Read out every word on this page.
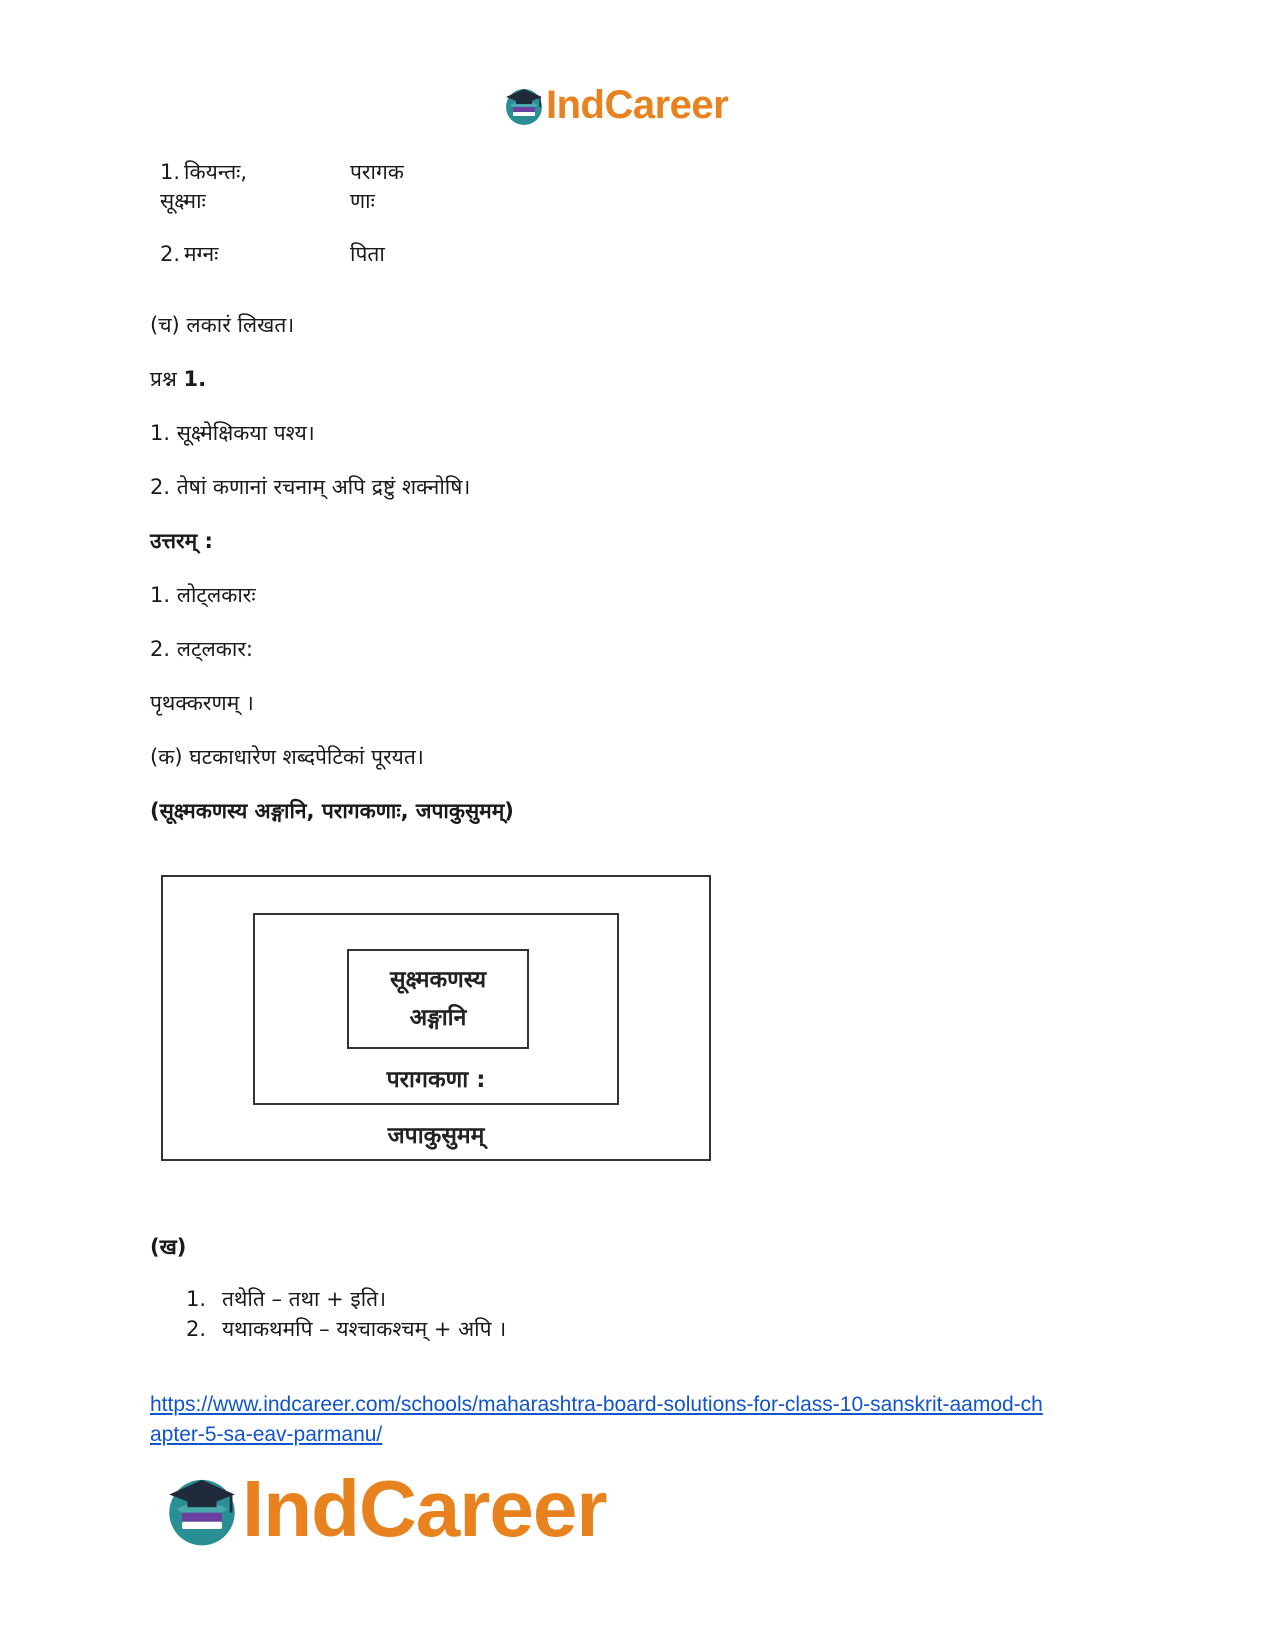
IndCareer
1. कियन्तः,
सूक्ष्माः
परागक
णाः
2. मग्नः	पिता
(च) लकारं लिखत।
प्रश्न 1.
1. सूक्ष्मेक्षिकया पश्य।
2. तेषां कणानां रचनाम् अपि द्रष्टुं शक्नोषि।
उत्तरम् :
1. लोट्लकारः
2. लट्लकार:
पृथक्करणम् ।
(क) घटकाधारेण शब्दपेटिकां पूरयत।
(सूक्ष्मकणस्य अङ्गानि, परागकणाः, जपाकुसुमम्)
सूक्ष्मकणस्य
अङ्गानि
परागकणा :
जपाकुसुमम्
(ख)
1. तथेति – तथा + इति।
2. यथाकथमपि – यश्चाकश्चम् + अपि ।
https://www.indcareer.com/schools/maharashtra-board-solutions-for-class-10-sanskrit-aamod-ch
apter-5-sa-eav-parmanu/
IndCareer
